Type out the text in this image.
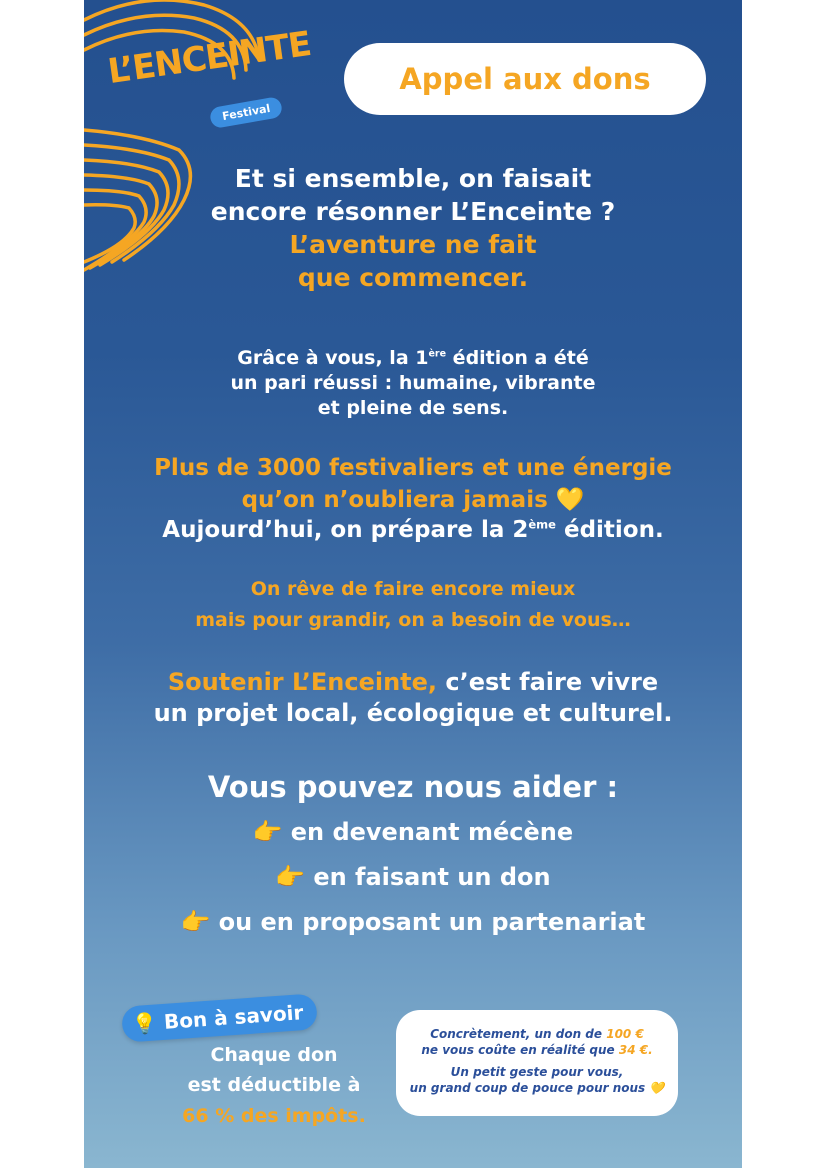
L’ENCEINTE
Festival
Appel aux dons
Et si ensemble, on faisait
encore résonner L’Enceinte ?
L’aventure ne fait
que commencer.
Grâce à vous, la 1ère édition a été
un pari réussi : humaine, vibrante
et pleine de sens.
Plus de 3000 festivaliers et une énergie
qu’on n’oubliera jamais 💛
Aujourd’hui, on prépare la 2ème édition.
On rêve de faire encore mieux
mais pour grandir, on a besoin de vous…
Soutenir L’Enceinte, c’est faire vivre
un projet local, écologique et culturel.
Vous pouvez nous aider :
👉 en devenant mécène
👉 en faisant un don
👉 ou en proposant un partenariat
💡 Bon à savoir
Chaque don
est déductible à
66 % des impôts.
Concrètement, un don de 100 €
ne vous coûte en réalité que 34 €.
Un petit geste pour vous,
un grand coup de pouce pour nous 💛
